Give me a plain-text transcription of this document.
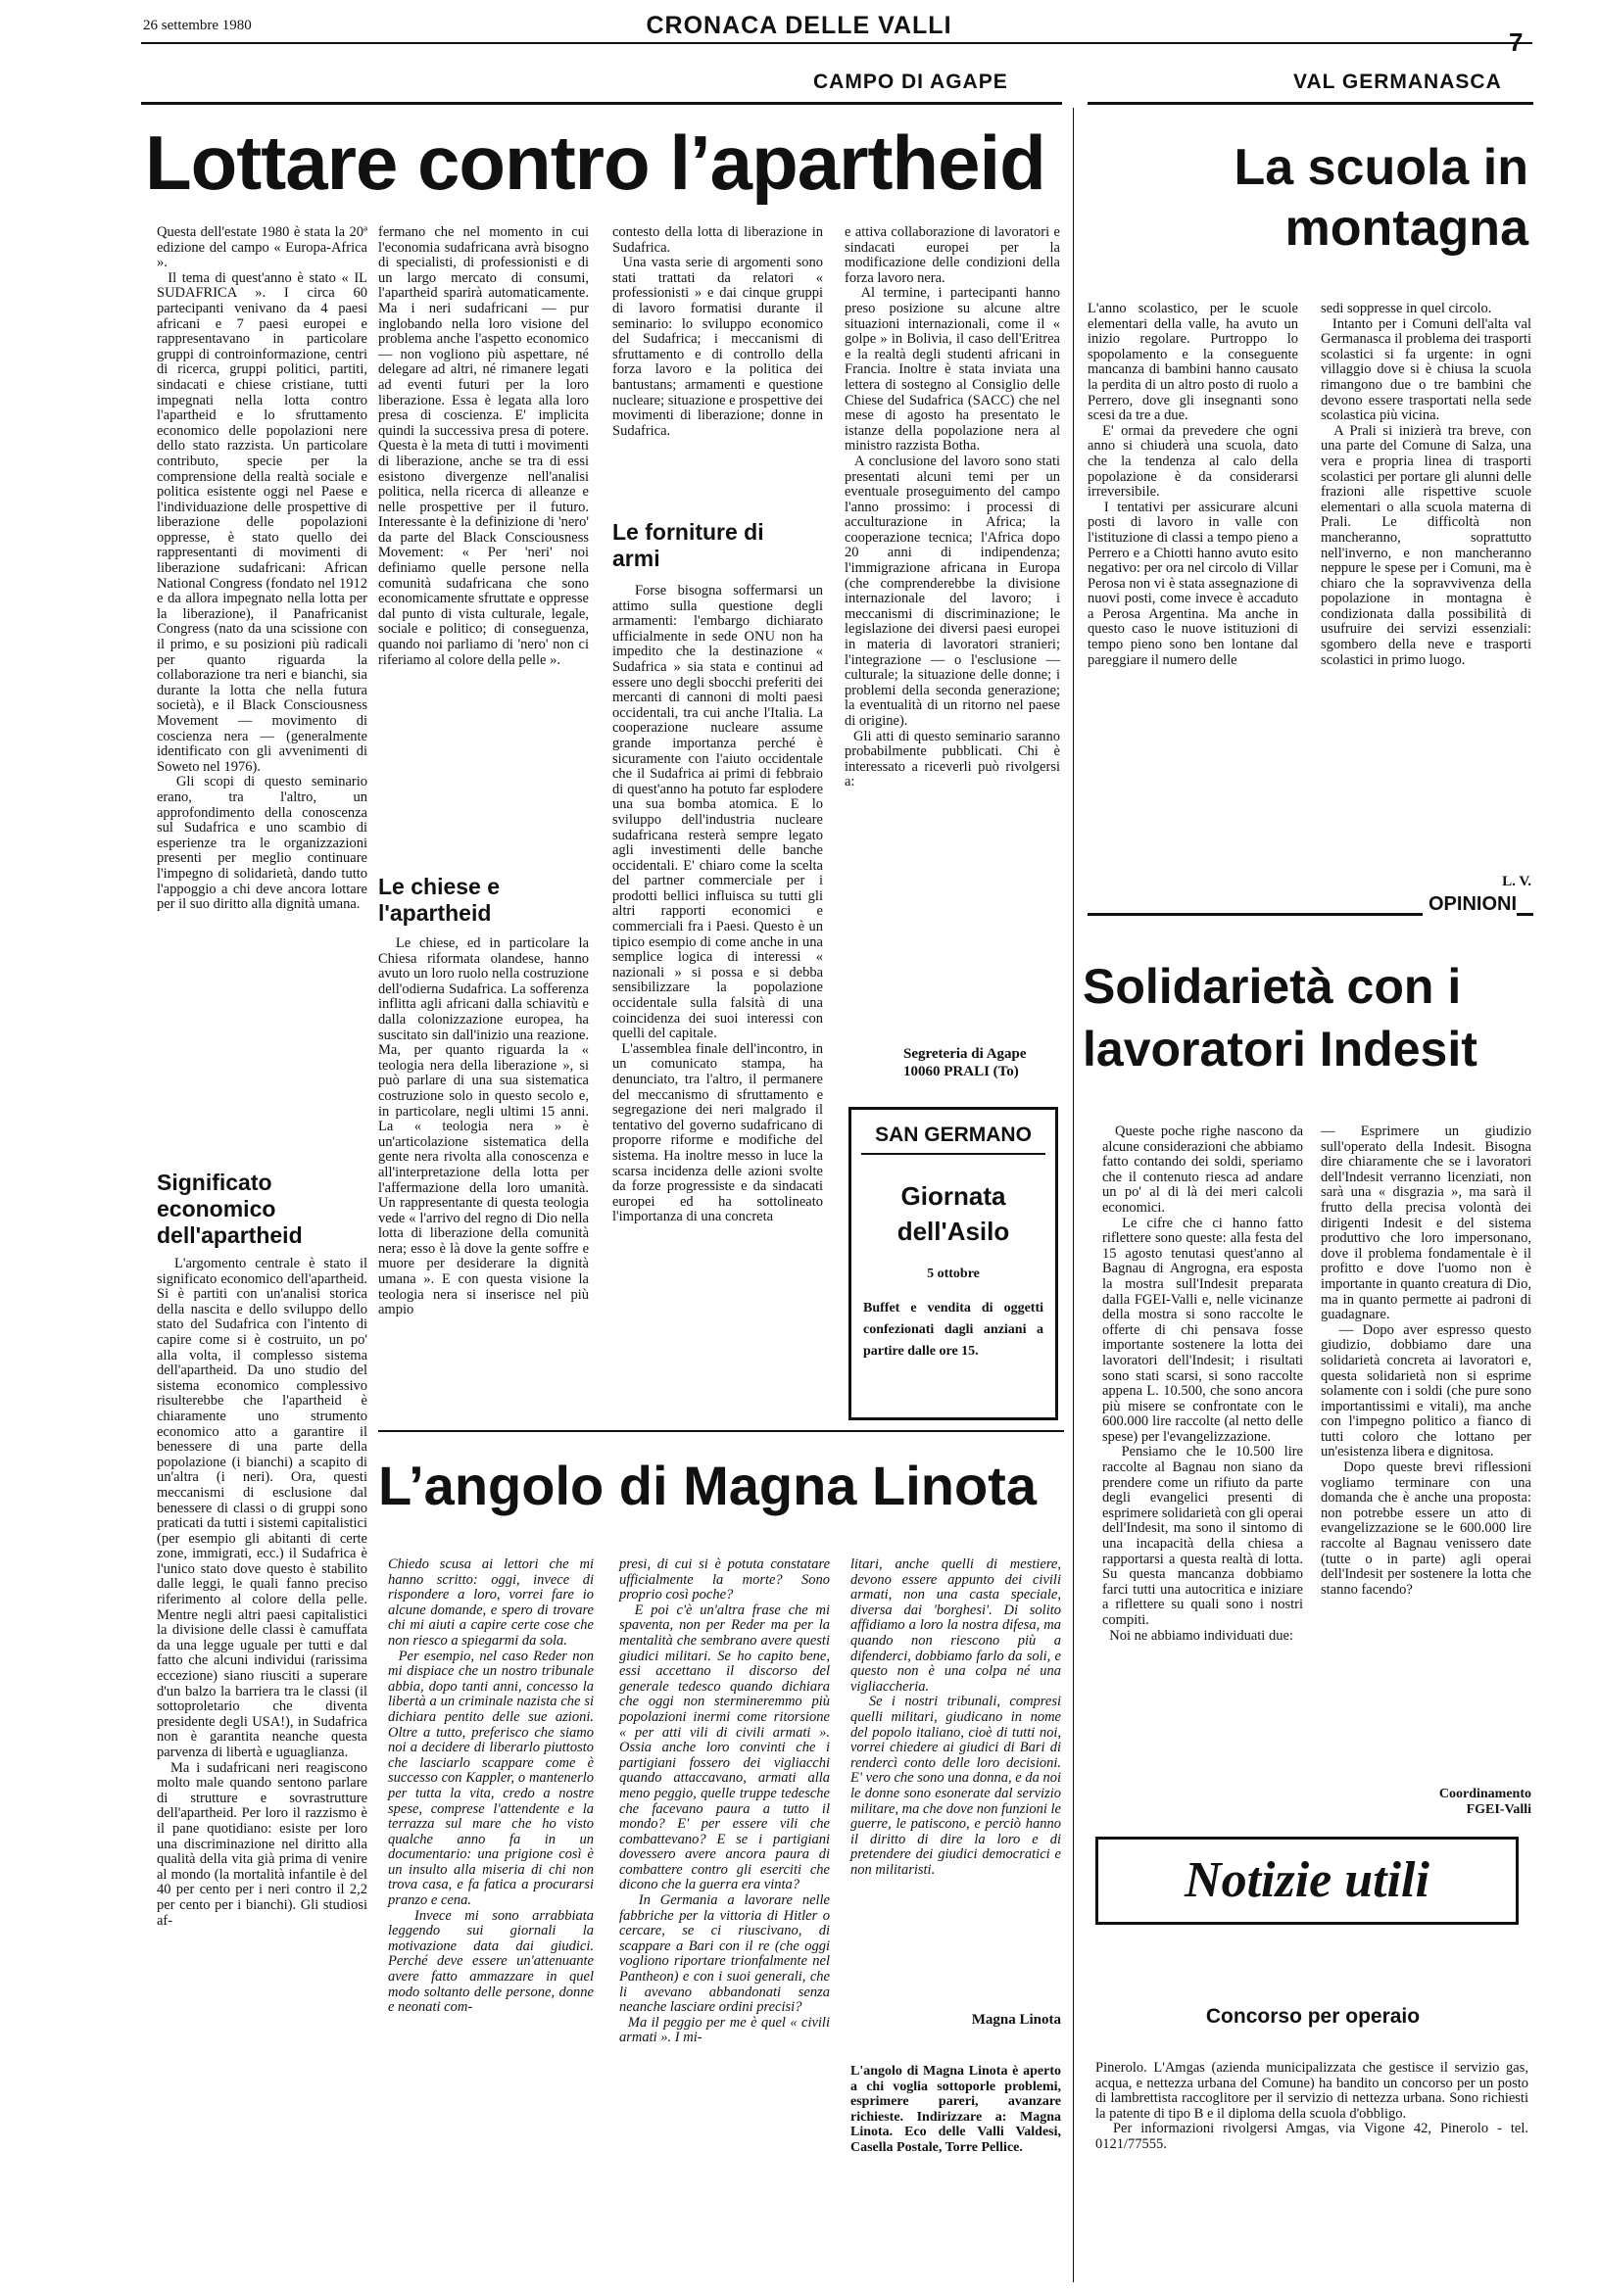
26 settembre 1980	CRONACA DELLE VALLI
CAMPO DI AGAPE	VAL GERMANASCA
Lottare contro l’apartheid

Questa dell'estate 1980 è stata la 20ª edizione del campo « Europa-Africa ».
Il tema di quest'anno è stato « IL SUDAFRICA ». I circa 60 partecipanti venivano da 4 paesi africani e 7 paesi europei e rappresentavano in particolare gruppi di controinformazione, centri di ricerca, gruppi politici, partiti, sindacati e chiese cristiane, tutti impegnati nella lotta contro l'apartheid e lo sfruttamento economico delle popolazioni nere dello stato razzista. Un particolare contributo, specie per la comprensione della realtà sociale e politica esistente oggi nel Paese e l'individuazione delle prospettive di liberazione delle popolazioni oppresse, è stato quello dei rappresentanti di movimenti di liberazione sudafricani: African National Congress (fondato nel 1912 e da allora impegnato nella lotta per la liberazione), il Panafricanist Congress (nato da una scissione con il primo, e su posizioni più radicali per quanto riguarda la collaborazione tra neri e bianchi, sia durante la lotta che nella futura società), e il Black Consciousness Movement — movimento di coscienza nera — (generalmente identificato con gli avvenimenti di Soweto nel 1976).
Gli scopi di questo seminario erano, tra l'altro, un approfondimento della conoscenza sul Sudafrica e uno scambio di esperienze tra le organizzazioni presenti per meglio continuare l'impegno di solidarietà, dando tutto l'appoggio a chi deve ancora lottare per il suo diritto alla dignità umana.

Significato economico dell'apartheid

L'argomento centrale è stato il significato economico dell'apartheid. Si è partiti con un'analisi storica della nascita e dello sviluppo dello stato del Sudafrica con l'intento di capire come si è costruito, un po' alla volta, il complesso sistema dell'apartheid. Da uno studio del sistema economico complessivo risulterebbe che l'apartheid è chiaramente uno strumento economico atto a garantire il benessere di una parte della popolazione (i bianchi) a scapito di un'altra (i neri). Ora, questi meccanismi di esclusione dal benessere di classi o di gruppi sono praticati da tutti i sistemi capitalistici (per esempio gli abitanti di certe zone, immigrati, ecc.) il Sudafrica è l'unico stato dove questo è stabilito dalle leggi, le quali fanno preciso riferimento al colore della pelle. Mentre negli altri paesi capitalistici la divisione delle classi è camuffata da una legge uguale per tutti e dal fatto che alcuni individui (rarissima eccezione) siano riusciti a superare d'un balzo la barriera tra le classi (il sottoproletario che diventa presidente degli USA!), in Sudafrica non è garantita neanche questa parvenza di libertà e uguaglianza.
Ma i sudafricani neri reagiscono molto male quando sentono parlare di strutture e sovrastrutture dell'apartheid. Per loro il razzismo è il pane quotidiano: esiste per loro una discriminazione nel diritto alla qualità della vita già prima di venire al mondo (la mortalità infantile è del 40 per cento per i neri contro il 2,2 per cento per i bianchi). Gli studiosi af-

fermano che nel momento in cui l'economia sudafricana avrà bisogno di specialisti, di professionisti e di un largo mercato di consumi, l'apartheid sparirà automaticamente. Ma i neri sudafricani — pur inglobando nella loro visione del problema anche l'aspetto economico — non vogliono più aspettare, né delegare ad altri, né rimanere legati ad eventi futuri per la loro liberazione. Essa è legata alla loro presa di coscienza. E' implicita quindi la successiva presa di potere. Questa è la meta di tutti i movimenti di liberazione, anche se tra di essi esistono divergenze nell'analisi politica, nella ricerca di alleanze e nelle prospettive per il futuro. Interessante è la definizione di 'nero' da parte del Black Consciousness Movement: « Per 'neri' noi definiamo quelle persone nella comunità sudafricana che sono economicamente sfruttate e oppresse dal punto di vista culturale, legale, sociale e politico; di conseguenza, quando noi parliamo di 'nero' non ci riferiamo al colore della pelle ».

Le chiese e l'apartheid

Le chiese, ed in particolare la Chiesa riformata olandese, hanno avuto un loro ruolo nella costruzione dell'odierna Sudafrica. La sofferenza inflitta agli africani dalla schiavitù e dalla colonizzazione europea, ha suscitato sin dall'inizio una reazione. Ma, per quanto riguarda la « teologia nera della liberazione », si può parlare di una sua sistematica costruzione solo in questo secolo e, in particolare, negli ultimi 15 anni. La « teologia nera » è un'articolazione sistematica della gente nera rivolta alla conoscenza e all'interpretazione della lotta per l'affermazione della loro umanità. Un rappresentante di questa teologia vede « l'arrivo del regno di Dio nella lotta di liberazione della comunità nera; esso è là dove la gente soffre e muore per desiderare la dignità umana ». E con questa visione la teologia nera si inserisce nel più ampio

contesto della lotta di liberazione in Sudafrica.
Una vasta serie di argomenti sono stati trattati da relatori « professionisti » e dai cinque gruppi di lavoro formatisi durante il seminario: lo sviluppo economico del Sudafrica; i meccanismi di sfruttamento e di controllo della forza lavoro e la politica dei bantustans; armamenti e questione nucleare; situazione e prospettive dei movimenti di liberazione; donne in Sudafrica.

Le forniture di armi

Forse bisogna soffermarsi un attimo sulla questione degli armamenti: l'embargo dichiarato ufficialmente in sede ONU non ha impedito che la destinazione « Sudafrica » sia stata e continui ad essere uno degli sbocchi preferiti dei mercanti di cannoni di molti paesi occidentali, tra cui anche l'Italia. La cooperazione nucleare assume grande importanza perché è sicuramente con l'aiuto occidentale che il Sudafrica ai primi di febbraio di quest'anno ha potuto far esplodere una sua bomba atomica. E lo sviluppo dell'industria nucleare sudafricana resterà sempre legato agli investimenti delle banche occidentali. E' chiaro come la scelta del partner commerciale per i prodotti bellici influisca su tutti gli altri rapporti economici e commerciali fra i Paesi. Questo è un tipico esempio di come anche in una semplice logica di interessi « nazionali » si possa e si debba sensibilizzare la popolazione occidentale sulla falsità di una coincidenza dei suoi interessi con quelli del capitale.
L'assemblea finale dell'incontro, in un comunicato stampa, ha denunciato, tra l'altro, il permanere del meccanismo di sfruttamento e segregazione dei neri malgrado il tentativo del governo sudafricano di proporre riforme e modifiche del sistema. Ha inoltre messo in luce la scarsa incidenza delle azioni svolte da forze progressiste e da sindacati europei ed ha sottolineato l'importanza di una concreta

e attiva collaborazione di lavoratori e sindacati europei per la modificazione delle condizioni della forza lavoro nera.
Al termine, i partecipanti hanno preso posizione su alcune altre situazioni internazionali, come il « golpe » in Bolivia, il caso dell'Eritrea e la realtà degli studenti africani in Francia. Inoltre è stata inviata una lettera di sostegno al Consiglio delle Chiese del Sudafrica (SACC) che nel mese di agosto ha presentato le istanze della popolazione nera al ministro razzista Botha.
A conclusione del lavoro sono stati presentati alcuni temi per un eventuale proseguimento del campo l'anno prossimo: i processi di acculturazione in Africa; la cooperazione tecnica; l'Africa dopo 20 anni di indipendenza; l'immigrazione africana in Europa (che comprenderebbe la divisione internazionale del lavoro; i meccanismi di discriminazione; le legislazione dei diversi paesi europei in materia di lavoratori stranieri; l'integrazione — o l'esclusione — culturale; la situazione delle donne; i problemi della seconda generazione; la eventualità di un ritorno nel paese di origine).
Gli atti di questo seminario saranno probabilmente pubblicati. Chi è interessato a riceverli può rivolgersi a:

Segreteria di Agape
10060 PRALI (To)
SAN GERMANO
Giornata dell'Asilo
5 ottobre
Buffet e vendita di oggetti confezionati dagli anziani a partire dalle ore 15.
La scuola in montagna

L'anno scolastico, per le scuole elementari della valle, ha avuto un inizio regolare. Purtroppo lo spopolamento e la conseguente mancanza di bambini hanno causato la perdita di un altro posto di ruolo a Perrero, dove gli insegnanti sono scesi da tre a due.
E' ormai da prevedere che ogni anno si chiuderà una scuola, dato che la tendenza al calo della popolazione è da considerarsi irreversibile.
I tentativi per assicurare alcuni posti di lavoro in valle con l'istituzione di classi a tempo pieno a Perrero e a Chiotti hanno avuto esito negativo: per ora nel circolo di Villar Perosa non vi è stata assegnazione di nuovi posti, come invece è accaduto a Perosa Argentina. Ma anche in questo caso le nuove istituzioni di tempo pieno sono ben lontane dal pareggiare il numero delle

sedi soppresse in quel circolo.
Intanto per i Comuni dell'alta val Germanasca il problema dei trasporti scolastici si fa urgente: in ogni villaggio dove si è chiusa la scuola rimangono due o tre bambini che devono essere trasportati nella sede scolastica più vicina.
A Prali si inizierà tra breve, con una parte del Comune di Salza, una vera e propria linea di trasporti scolastici per portare gli alunni delle frazioni alle rispettive scuole elementari o alla scuola materna di Prali. Le difficoltà non mancheranno, soprattutto nell'inverno, e non mancheranno neppure le spese per i Comuni, ma è chiaro che la sopravvivenza della popolazione in montagna è condizionata dalla possibilità di usufruire dei servizi essenziali: sgombero della neve e trasporti scolastici in primo luogo.

L. V.
OPINIONI
Solidarietà con i lavoratori Indesit

Queste poche righe nascono da alcune considerazioni che abbiamo fatto contando dei soldi, speriamo che il contenuto riesca ad andare un po' al di là dei meri calcoli economici.
Le cifre che ci hanno fatto riflettere sono queste: alla festa del 15 agosto tenutasi quest'anno al Bagnau di Angrogna, era esposta la mostra sull'Indesit preparata dalla FGEI-Valli e, nelle vicinanze della mostra si sono raccolte le offerte di chi pensava fosse importante sostenere la lotta dei lavoratori dell'Indesit; i risultati sono stati scarsi, si sono raccolte appena L. 10.500, che sono ancora più misere se confrontate con le 600.000 lire raccolte (al netto delle spese) per l'evangelizzazione.
Pensiamo che le 10.500 lire raccolte al Bagnau non siano da prendere come un rifiuto da parte degli evangelici presenti di esprimere solidarietà con gli operai dell'Indesit, ma sono il sintomo di una incapacità della chiesa a rapportarsi a questa realtà di lotta. Su questa mancanza dobbiamo farci tutti una autocritica e iniziare a riflettere su quali sono i nostri compiti.
Noi ne abbiamo individuati due:

— Esprimere un giudizio sull'operato della Indesit. Bisogna dire chiaramente che se i lavoratori dell'Indesit verranno licenziati, non sarà una « disgrazia », ma sarà il frutto della precisa volontà dei dirigenti Indesit e del sistema produttivo che loro impersonano, dove il problema fondamentale è il profitto e dove l'uomo non è importante in quanto creatura di Dio, ma in quanto permette ai padroni di guadagnare.
— Dopo aver espresso questo giudizio, dobbiamo dare una solidarietà concreta ai lavoratori e, questa solidarietà non si esprime solamente con i soldi (che pure sono importantissimi e vitali), ma anche con l'impegno politico a fianco di tutti coloro che lottano per un'esistenza libera e dignitosa.
Dopo queste brevi riflessioni vogliamo terminare con una domanda che è anche una proposta: non potrebbe essere un atto di evangelizzazione se le 600.000 lire raccolte al Bagnau venissero date (tutte o in parte) agli operai dell'Indesit per sostenere la lotta che stanno facendo?

Coordinamento
FGEI-Valli
L’angolo di Magna Linota

Chiedo scusa ai lettori che mi hanno scritto: oggi, invece di rispondere a loro, vorrei fare io alcune domande, e spero di trovare chi mi aiuti a capire certe cose che non riesco a spiegarmi da sola.
Per esempio, nel caso Reder non mi dispiace che un nostro tribunale abbia, dopo tanti anni, concesso la libertà a un criminale nazista che si dichiara pentito delle sue azioni. Oltre a tutto, preferisco che siamo noi a decidere di liberarlo piuttosto che lasciarlo scappare come è successo con Kappler, o mantenerlo per tutta la vita, credo a nostre spese, comprese l'attendente e la terrazza sul mare che ho visto qualche anno fa in un documentario: una prigione così è un insulto alla miseria di chi non trova casa, e fa fatica a procurarsi pranzo e cena.
Invece mi sono arrabbiata leggendo sui giornali la motivazione data dai giudici. Perché deve essere un'attenuante avere fatto ammazzare in quel modo soltanto delle persone, donne e neonati com-

presi, di cui si è potuta constatare ufficialmente la morte? Sono proprio così poche?
E poi c'è un'altra frase che mi spaventa, non per Reder ma per la mentalità che sembrano avere questi giudici militari. Se ho capito bene, essi accettano il discorso del generale tedesco quando dichiara che oggi non stermineremmo più popolazioni inermi come ritorsione « per atti vili di civili armati ». Ossia anche loro convinti che i partigiani fossero dei vigliacchi quando attaccavano, armati alla meno peggio, quelle truppe tedesche che facevano paura a tutto il mondo? E' per essere vili che combattevano? E se i partigiani dovessero avere ancora paura di combattere contro gli eserciti che dicono che la guerra era vinta?
In Germania a lavorare nelle fabbriche per la vittoria di Hitler o cercare, se ci riuscivano, di scappare a Bari con il re (che oggi vogliono riportare trionfalmente nel Pantheon) e con i suoi generali, che li avevano abbandonati senza neanche lasciare ordini precisi?
Ma il peggio per me è quel « civili armati ». I mi-

litari, anche quelli di mestiere, devono essere appunto dei civili armati, non una casta speciale, diversa dai 'borghesi'. Di solito affidiamo a loro la nostra difesa, ma quando non riescono più a difenderci, dobbiamo farlo da soli, e questo non è una colpa né una vigliaccheria.
Se i nostri tribunali, compresi quelli militari, giudicano in nome del popolo italiano, cioè di tutti noi, vorrei chiedere ai giudici di Bari di rendercì conto delle loro decisioni. E' vero che sono una donna, e da noi le donne sono esonerate dal servizio militare, ma che dove non funzioni le guerre, le patiscono, e perciò hanno il diritto di dire la loro e di pretendere dei giudici democratici e non militaristi.

Magna Linota

L'angolo di Magna Linota è aperto a chi voglia sottoporle problemi, esprimere pareri, avanzare richieste. Indirizzare a: Magna Linota. Eco delle Valli Valdesi, Casella Postale, Torre Pellice.

Notizie utili
Concorso per operaio

Pinerolo. L'Amgas (azienda municipalizzata che gestisce il servizio gas, acqua, e nettezza urbana del Comune) ha bandito un concorso per un posto di lambrettista raccoglitore per il servizio di nettezza urbana. Sono richiesti la patente di tipo B e il diploma della scuola d'obbligo.
Per informazioni rivolgersi Amgas, via Vigone 42, Pinerolo - tel. 0121/77555.
